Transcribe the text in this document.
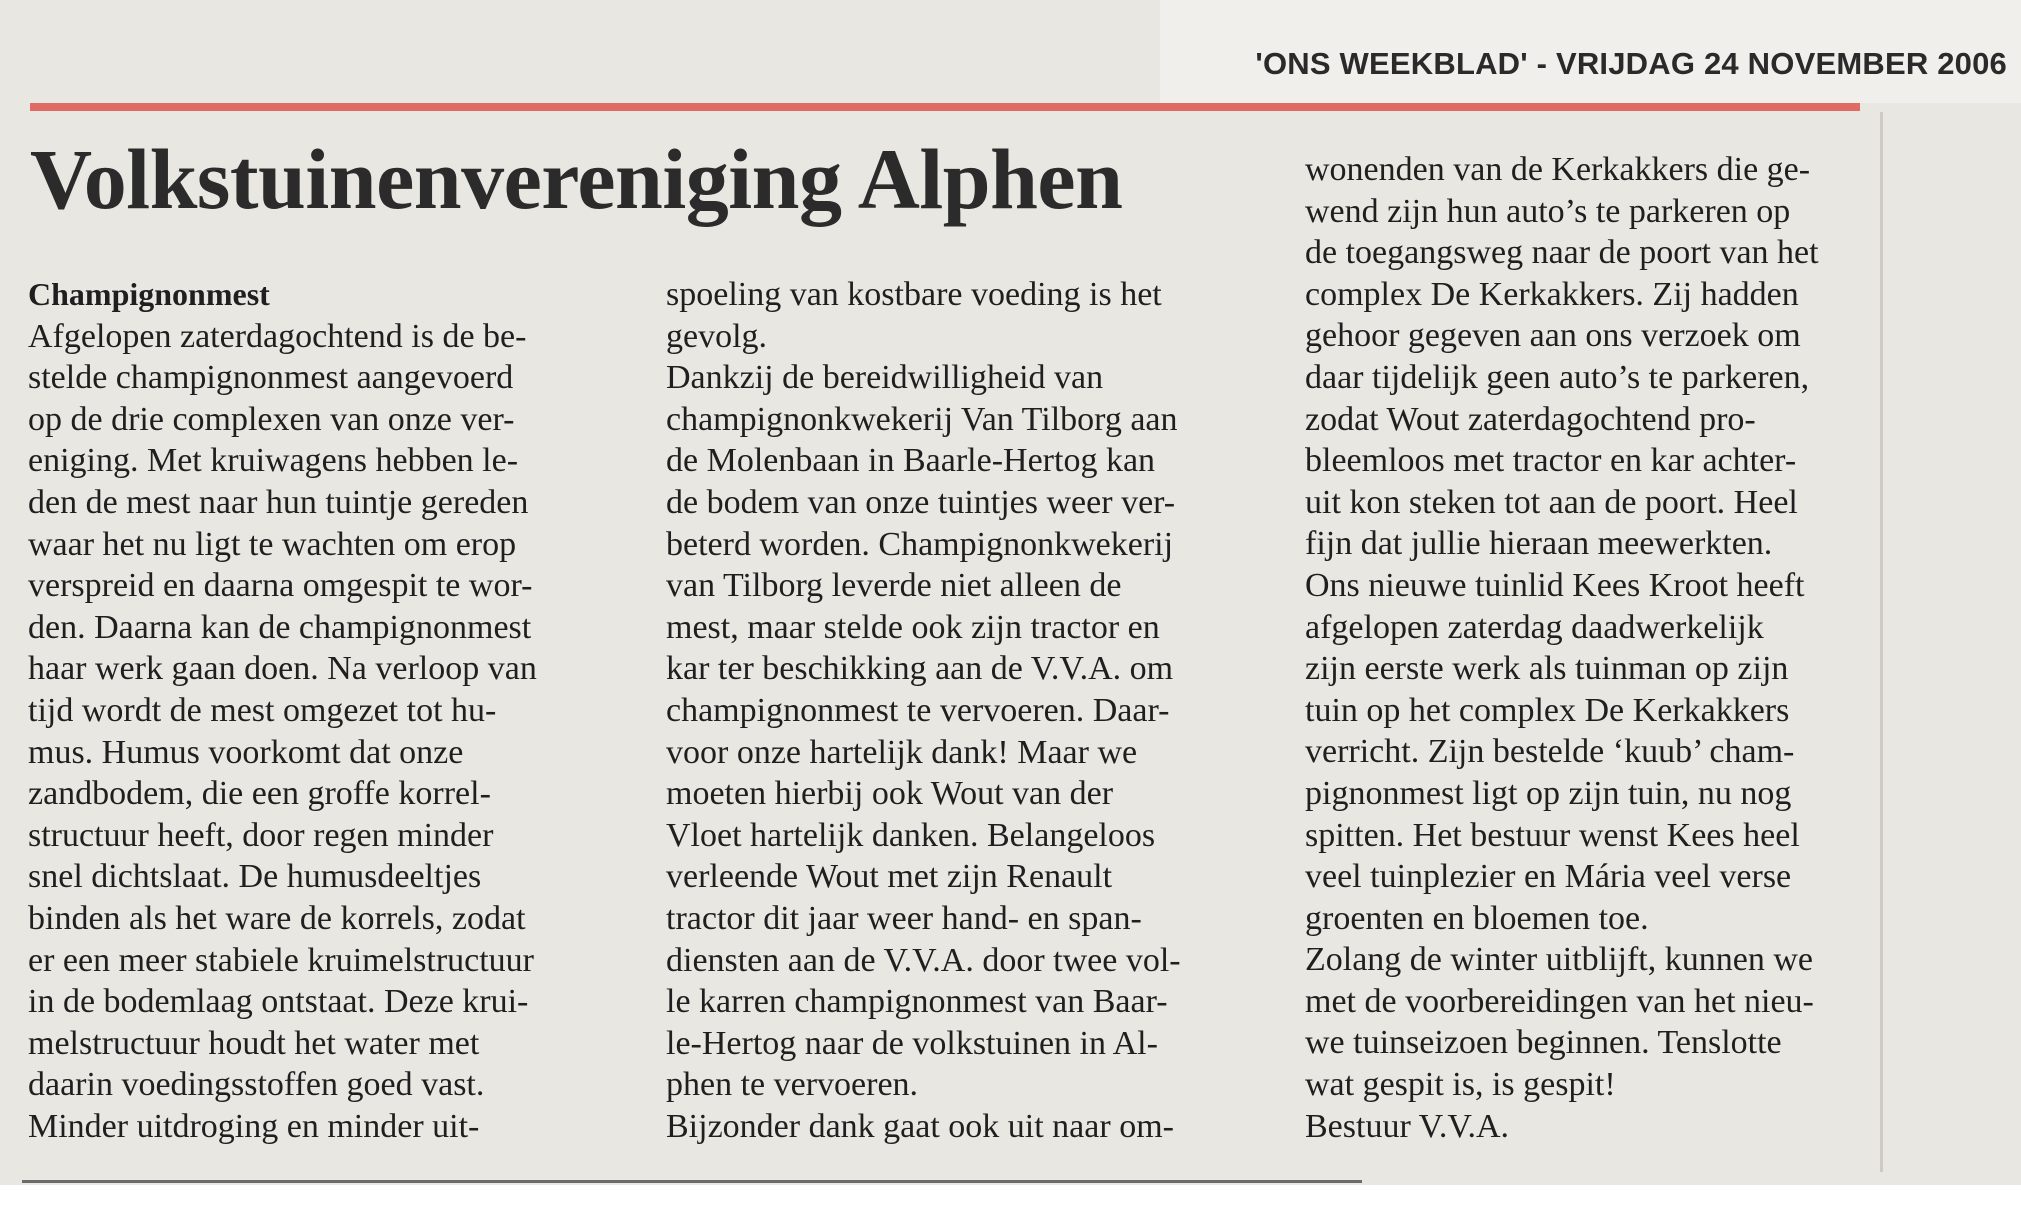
'ONS WEEKBLAD' - VRIJDAG 24 NOVEMBER 2006
Volkstuinenvereniging Alphen
Champignonmest
Afgelopen zaterdagochtend is de be-
stelde champignonmest aangevoerd
op de drie complexen van onze ver-
eniging. Met kruiwagens hebben le-
den de mest naar hun tuintje gereden
waar het nu ligt te wachten om erop
verspreid en daarna omgespit te wor-
den. Daarna kan de champignonmest
haar werk gaan doen. Na verloop van
tijd wordt de mest omgezet tot hu-
mus. Humus voorkomt dat onze
zandbodem, die een groffe korrel-
structuur heeft, door regen minder
snel dichtslaat. De humusdeeltjes
binden als het ware de korrels, zodat
er een meer stabiele kruimelstructuur
in de bodemlaag ontstaat. Deze krui-
melstructuur houdt het water met
daarin voedingsstoffen goed vast.
Minder uitdroging en minder uit-
spoeling van kostbare voeding is het
gevolg.
Dankzij de bereidwilligheid van
champignonkwekerij Van Tilborg aan
de Molenbaan in Baarle-Hertog kan
de bodem van onze tuintjes weer ver-
beterd worden. Champignonkwekerij
van Tilborg leverde niet alleen de
mest, maar stelde ook zijn tractor en
kar ter beschikking aan de V.V.A. om
champignonmest te vervoeren. Daar-
voor onze hartelijk dank! Maar we
moeten hierbij ook Wout van der
Vloet hartelijk danken. Belangeloos
verleende Wout met zijn Renault
tractor dit jaar weer hand- en span-
diensten aan de V.V.A. door twee vol-
le karren champignonmest van Baar-
le-Hertog naar de volkstuinen in Al-
phen te vervoeren.
Bijzonder dank gaat ook uit naar om-
wonenden van de Kerkakkers die ge-
wend zijn hun auto’s te parkeren op
de toegangsweg naar de poort van het
complex De Kerkakkers. Zij hadden
gehoor gegeven aan ons verzoek om
daar tijdelijk geen auto’s te parkeren,
zodat Wout zaterdagochtend pro-
bleemloos met tractor en kar achter-
uit kon steken tot aan de poort. Heel
fijn dat jullie hieraan meewerkten.
Ons nieuwe tuinlid Kees Kroot heeft
afgelopen zaterdag daadwerkelijk
zijn eerste werk als tuinman op zijn
tuin op het complex De Kerkakkers
verricht. Zijn bestelde ‘kuub’ cham-
pignonmest ligt op zijn tuin, nu nog
spitten. Het bestuur wenst Kees heel
veel tuinplezier en Mária veel verse
groenten en bloemen toe.
Zolang de winter uitblijft, kunnen we
met de voorbereidingen van het nieu-
we tuinseizoen beginnen. Tenslotte
wat gespit is, is gespit!
Bestuur V.V.A.
